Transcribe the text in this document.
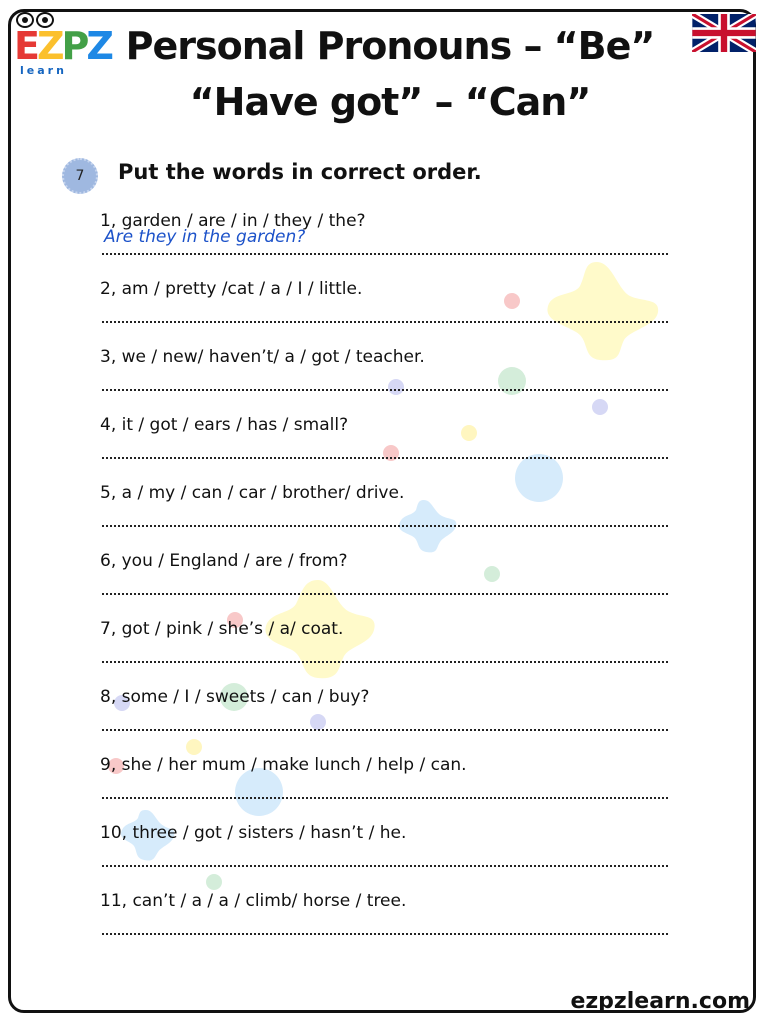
EZPZ
learn
Personal Pronouns – “Be”
“Have got” – “Can”
7 Put the words in correct order.
1, garden / are / in / they / the?
Are they in the garden?
2, am / pretty /cat / a / I / little.
3, we / new/ haven’t/ a / got / teacher.
4, it / got / ears / has / small?
5, a / my / can / car / brother/ drive.
6, you / England / are / from?
7, got / pink / she’s / a/ coat.
8, some / I / sweets / can / buy?
9, she / her mum / make lunch / help / can.
10, three / got / sisters / hasn’t / he.
11, can’t / a / a / climb/ horse / tree.
ezpzlearn.com
